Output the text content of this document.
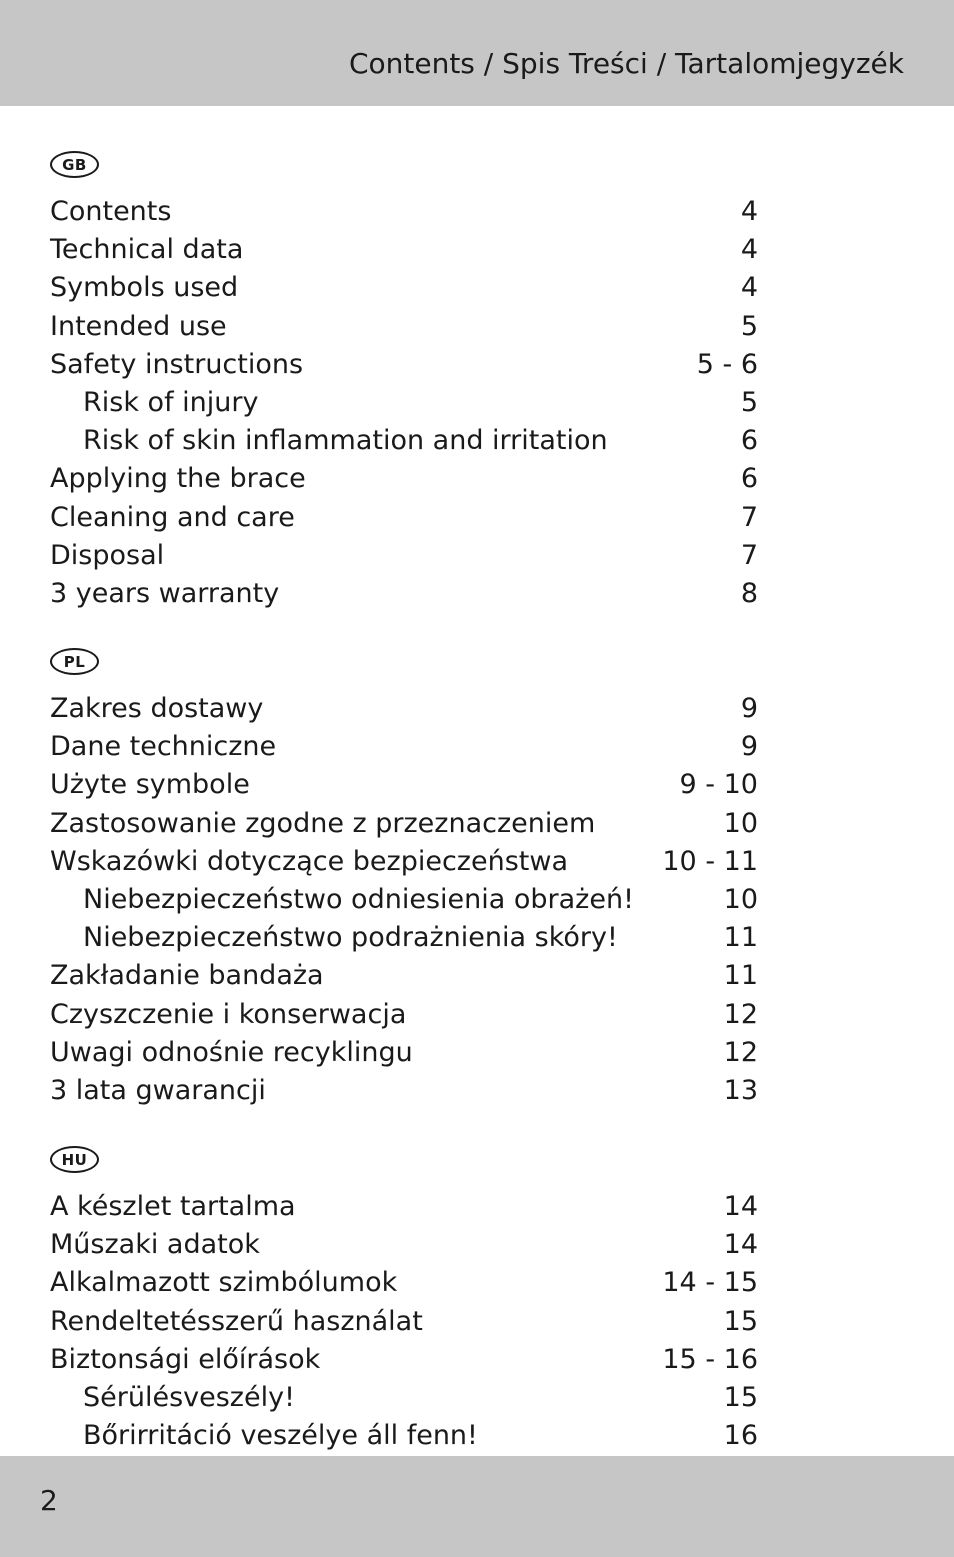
Contents / Spis Treści / Tartalomjegyzék
GB
Contents	4
Technical data	4
Symbols used	4
Intended use	5
Safety instructions	5 - 6
Risk of injury	5
Risk of skin inflammation and irritation	6
Applying the brace	6
Cleaning and care	7
Disposal	7
3 years warranty	8
PL
Zakres dostawy	9
Dane techniczne	9
Użyte symbole	9 - 10
Zastosowanie zgodne z przeznaczeniem	10
Wskazówki dotyczące bezpieczeństwa	10 - 11
Niebezpieczeństwo odniesienia obrażeń!	10
Niebezpieczeństwo podrażnienia skóry!	11
Zakładanie bandaża	11
Czyszczenie i konserwacja	12
Uwagi odnośnie recyklingu	12
3 lata gwarancji	13
HU
A készlet tartalma	14
Műszaki adatok	14
Alkalmazott szimbólumok	14 - 15
Rendeltetésszerű használat	15
Biztonsági előírások	15 - 16
Sérülésveszély!	15
Bőrirritáció veszélye áll fenn!	16
2
